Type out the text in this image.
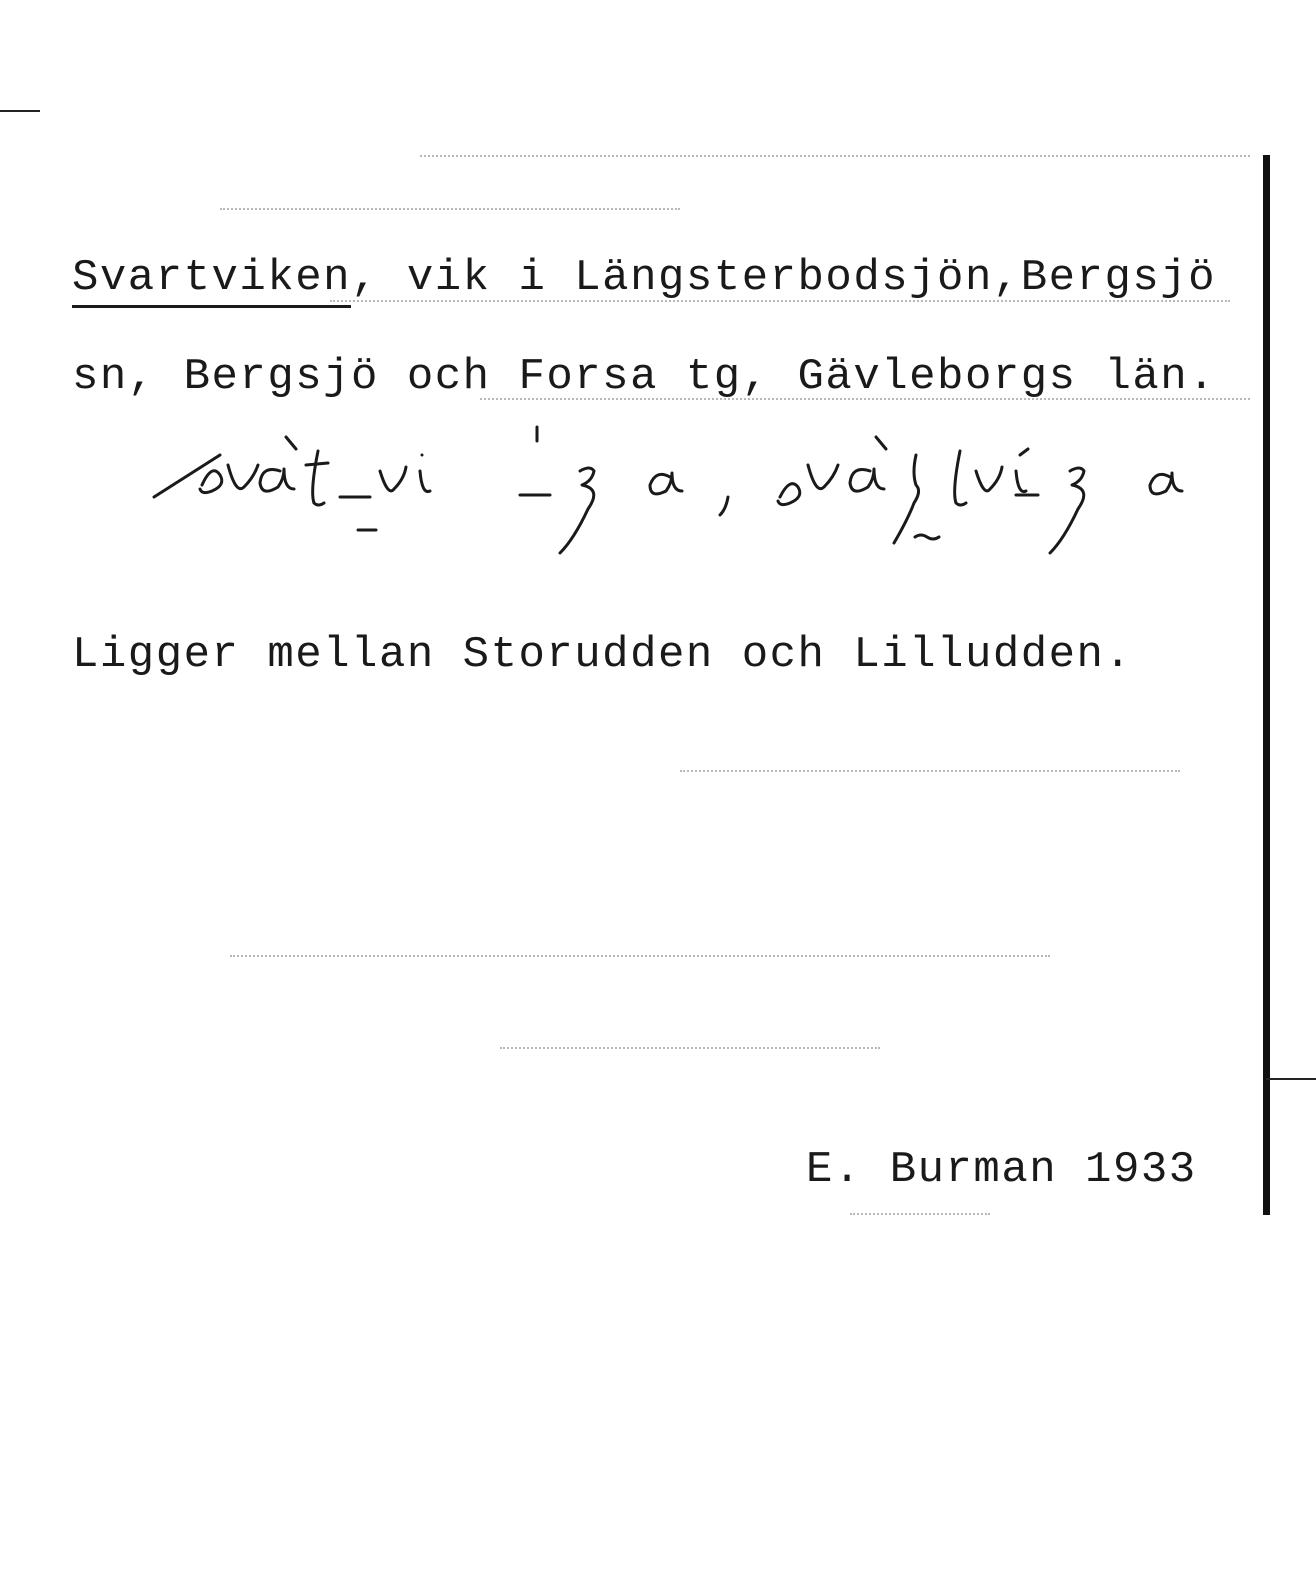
Svartviken, vik i Längsterbodsjön,Bergsjö
sn, Bergsjö och Forsa tg, Gävleborgs län.
Ligger mellan Storudden och Lilludden.
E. Burman 1933
